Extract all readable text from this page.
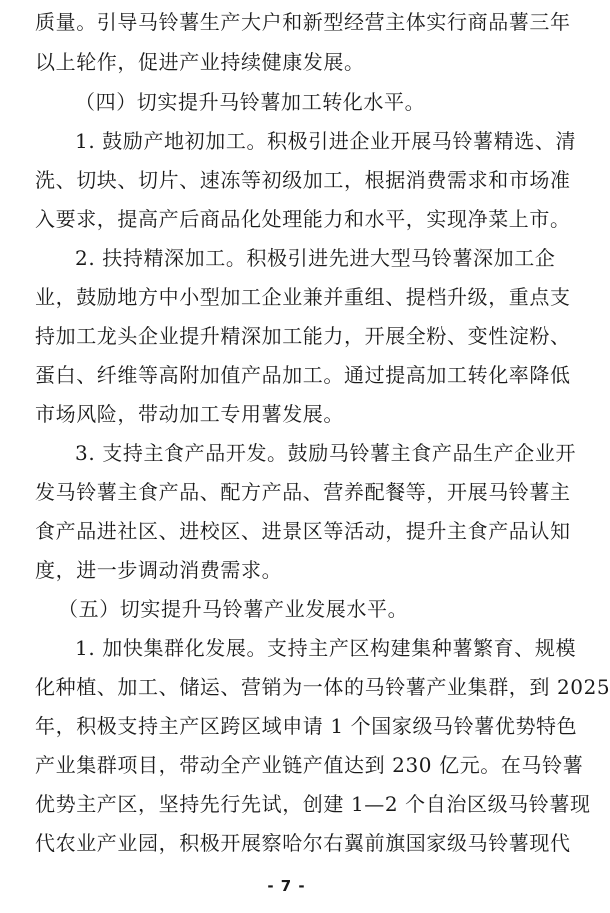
质量。引导马铃薯生产大户和新型经营主体实行商品薯三年
以上轮作，促进产业持续健康发展。
（四）切实提升马铃薯加工转化水平。
1. 鼓励产地初加工。积极引进企业开展马铃薯精选、清
洗、切块、切片、速冻等初级加工，根据消费需求和市场准
入要求，提高产后商品化处理能力和水平，实现净菜上市。
2. 扶持精深加工。积极引进先进大型马铃薯深加工企
业，鼓励地方中小型加工企业兼并重组、提档升级，重点支
持加工龙头企业提升精深加工能力，开展全粉、变性淀粉、
蛋白、纤维等高附加值产品加工。通过提高加工转化率降低
市场风险，带动加工专用薯发展。
3. 支持主食产品开发。鼓励马铃薯主食产品生产企业开
发马铃薯主食产品、配方产品、营养配餐等，开展马铃薯主
食产品进社区、进校区、进景区等活动，提升主食产品认知
度，进一步调动消费需求。
（五）切实提升马铃薯产业发展水平。
1. 加快集群化发展。支持主产区构建集种薯繁育、规模
化种植、加工、储运、营销为一体的马铃薯产业集群，到 2025
年，积极支持主产区跨区域申请 1 个国家级马铃薯优势特色
产业集群项目，带动全产业链产值达到 230 亿元。在马铃薯
优势主产区，坚持先行先试，创建 1—2 个自治区级马铃薯现
代农业产业园，积极开展察哈尔右翼前旗国家级马铃薯现代
- 7 -
